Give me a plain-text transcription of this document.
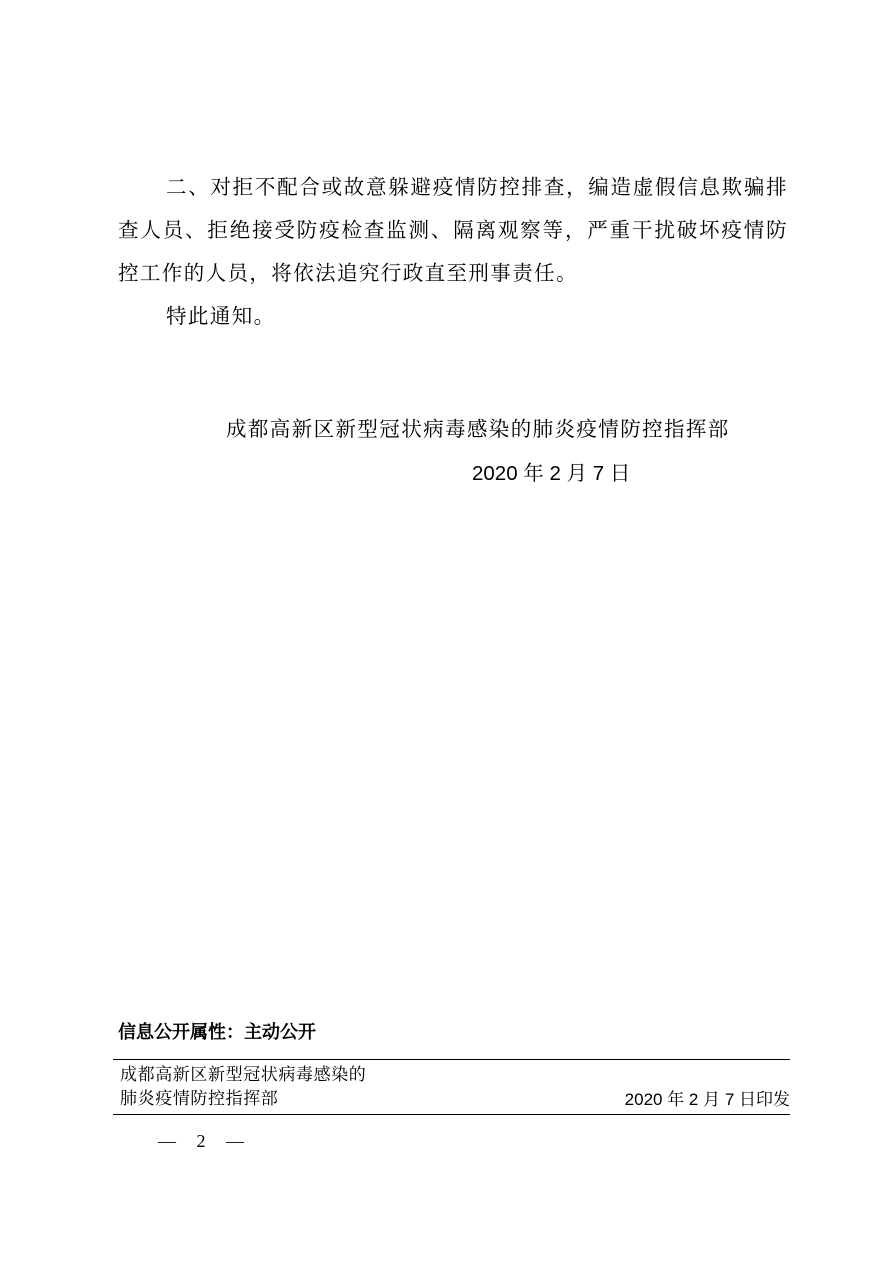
二、对拒不配合或故意躲避疫情防控排查，编造虚假信息欺骗排查人员、拒绝接受防疫检查监测、隔离观察等，严重干扰破坏疫情防控工作的人员，将依法追究行政直至刑事责任。

特此通知。

成都高新区新型冠状病毒感染的肺炎疫情防控指挥部
2020 年 2 月 7 日
信息公开属性：主动公开
成都高新区新型冠状病毒感染的
肺炎疫情防控指挥部	2020 年 2 月 7 日印发
— 2 —
